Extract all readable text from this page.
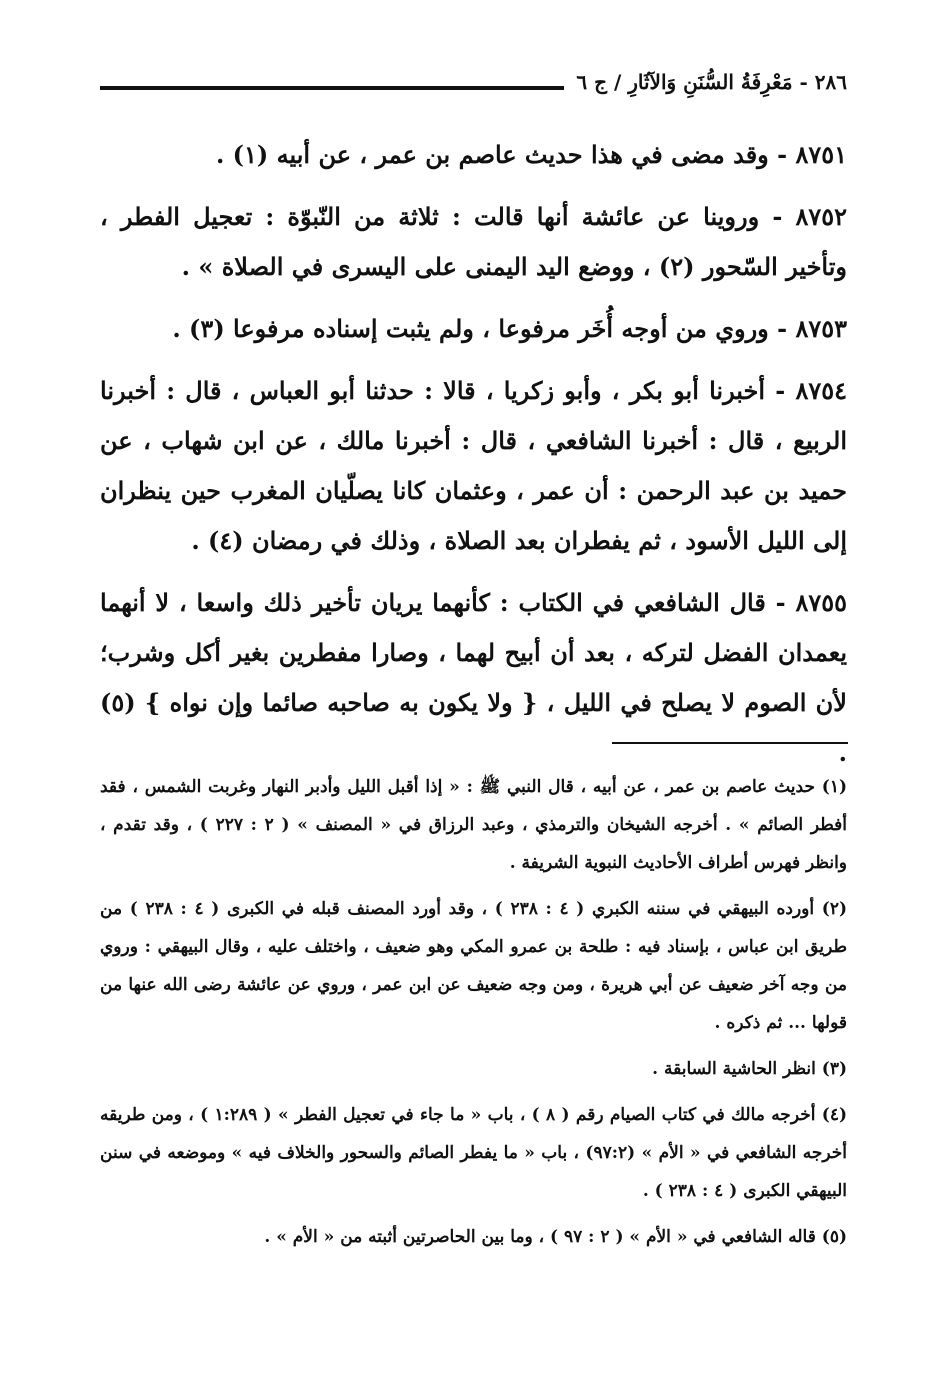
٢٨٦ - مَعْرِفَةُ السُّنَنِ وَالآثَارِ / ج ٦

٨٧٥١ - وقد مضى في هذا حديث عاصم بن عمر ، عن أبيه (١) .

٨٧٥٢ - وروينا عن عائشة أنها قالت : ثلاثة من النّبوّة : تعجيل الفطر ، وتأخير السّحور (٢) ، ووضع اليد اليمنى على اليسرى في الصلاة » .

٨٧٥٣ - وروي من أوجه أُخَر مرفوعا ، ولم يثبت إسناده مرفوعا (٣) .

٨٧٥٤ - أخبرنا أبو بكر ، وأبو زكريا ، قالا : حدثنا أبو العباس ، قال : أخبرنا الربيع ، قال : أخبرنا الشافعي ، قال : أخبرنا مالك ، عن ابن شهاب ، عن حميد بن عبد الرحمن : أن عمر ، وعثمان كانا يصلّيان المغرب حين ينظران إلى الليل الأسود ، ثم يفطران بعد الصلاة ، وذلك في رمضان (٤) .

٨٧٥٥ - قال الشافعي في الكتاب : كأنهما يريان تأخير ذلك واسعا ، لا أنهما يعمدان الفضل لتركه ، بعد أن أبيح لهما ، وصارا مفطرين بغير أكل وشرب؛ لأن الصوم لا يصلح في الليل ، { ولا يكون به صاحبه صائما وإن نواه } (٥) .

(١) حديث عاصم بن عمر ، عن أبيه ، قال النبي ﷺ : « إذا أقبل الليل وأدبر النهار وغربت الشمس ، فقد أفطر الصائم » . أخرجه الشيخان والترمذي ، وعبد الرزاق في « المصنف » ( ٢ : ٢٢٧ ) ، وقد تقدم ، وانظر فهرس أطراف الأحاديث النبوية الشريفة .

(٢) أورده البيهقي في سننه الكبري ( ٤ : ٢٣٨ ) ، وقد أورد المصنف قبله في الكبرى ( ٤ : ٢٣٨ ) من طريق ابن عباس ، بإسناد فيه : طلحة بن عمرو المكي وهو ضعيف ، واختلف عليه ، وقال البيهقي : وروي من وجه آخر ضعيف عن أبي هريرة ، ومن وجه ضعيف عن ابن عمر ، وروي عن عائشة رضى الله عنها من قولها ... ثم ذكره .

(٣) انظر الحاشية السابقة .

(٤) أخرجه مالك في كتاب الصيام رقم ( ٨ ) ، باب « ما جاء في تعجيل الفطر » ( ١:٢٨٩ ) ، ومن طريقه أخرجه الشافعي في « الأم » (٩٧:٢) ، باب « ما يفطر الصائم والسحور والخلاف فيه » وموضعه في سنن البيهقي الكبرى ( ٤ : ٢٣٨ ) .

(٥) قاله الشافعي في « الأم » ( ٢ : ٩٧ ) ، وما بين الحاصرتين أثبته من « الأم » .
